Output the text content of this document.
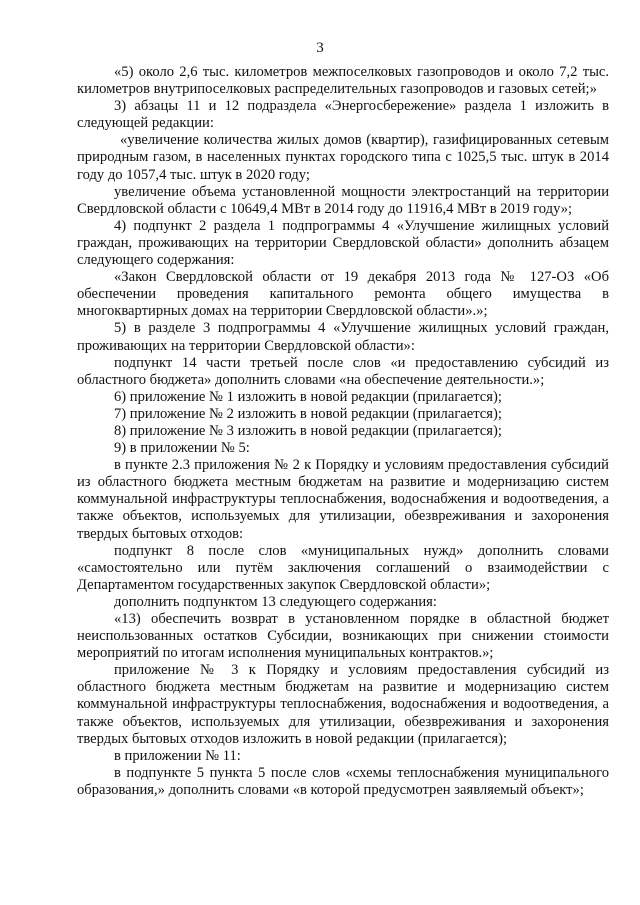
3

«5) около 2,6 тыс. километров межпоселковых газопроводов и около 7,2 тыс. километров внутрипоселковых распределительных газопроводов и газовых сетей;»

3) абзацы 11 и 12 подраздела «Энергосбережение» раздела 1 изложить в следующей редакции:

«увеличение количества жилых домов (квартир), газифицированных сетевым природным газом, в населенных пунктах городского типа с 1025,5 тыс. штук в 2014 году до 1057,4 тыс. штук в 2020 году;

увеличение объема установленной мощности электростанций на территории Свердловской области с 10649,4 МВт в 2014 году до 11916,4 МВт в 2019 году»;

4) подпункт 2 раздела 1 подпрограммы 4 «Улучшение жилищных условий граждан, проживающих на территории Свердловской области» дополнить абзацем следующего содержания:

«Закон Свердловской области от 19 декабря 2013 года № 127-ОЗ «Об обеспечении проведения капитального ремонта общего имущества в многоквартирных домах на территории Свердловской области».»;

5) в разделе 3 подпрограммы 4 «Улучшение жилищных условий граждан, проживающих на территории Свердловской области»:

подпункт 14 части третьей после слов «и предоставлению субсидий из областного бюджета» дополнить словами «на обеспечение деятельности.»;

6) приложение № 1 изложить в новой редакции (прилагается);

7) приложение № 2 изложить в новой редакции (прилагается);

8) приложение № 3 изложить в новой редакции (прилагается);

9) в приложении № 5:

в пункте 2.3 приложения № 2 к Порядку и условиям предоставления субсидий из областного бюджета местным бюджетам на развитие и модернизацию систем коммунальной инфраструктуры теплоснабжения, водоснабжения и водоотведения, а также объектов, используемых для утилизации, обезвреживания и захоронения твердых бытовых отходов:

подпункт 8 после слов «муниципальных нужд» дополнить словами «самостоятельно или путём заключения соглашений о взаимодействии с Департаментом государственных закупок Свердловской области»;

дополнить подпунктом 13 следующего содержания:

«13) обеспечить возврат в установленном порядке в областной бюджет неиспользованных остатков Субсидии, возникающих при снижении стоимости мероприятий по итогам исполнения муниципальных контрактов.»;

приложение № 3 к Порядку и условиям предоставления субсидий из областного бюджета местным бюджетам на развитие и модернизацию систем коммунальной инфраструктуры теплоснабжения, водоснабжения и водоотведения, а также объектов, используемых для утилизации, обезвреживания и захоронения твердых бытовых отходов изложить в новой редакции (прилагается);

в приложении № 11:

в подпункте 5 пункта 5 после слов «схемы теплоснабжения муниципального образования,» дополнить словами «в которой предусмотрен заявляемый объект»;
